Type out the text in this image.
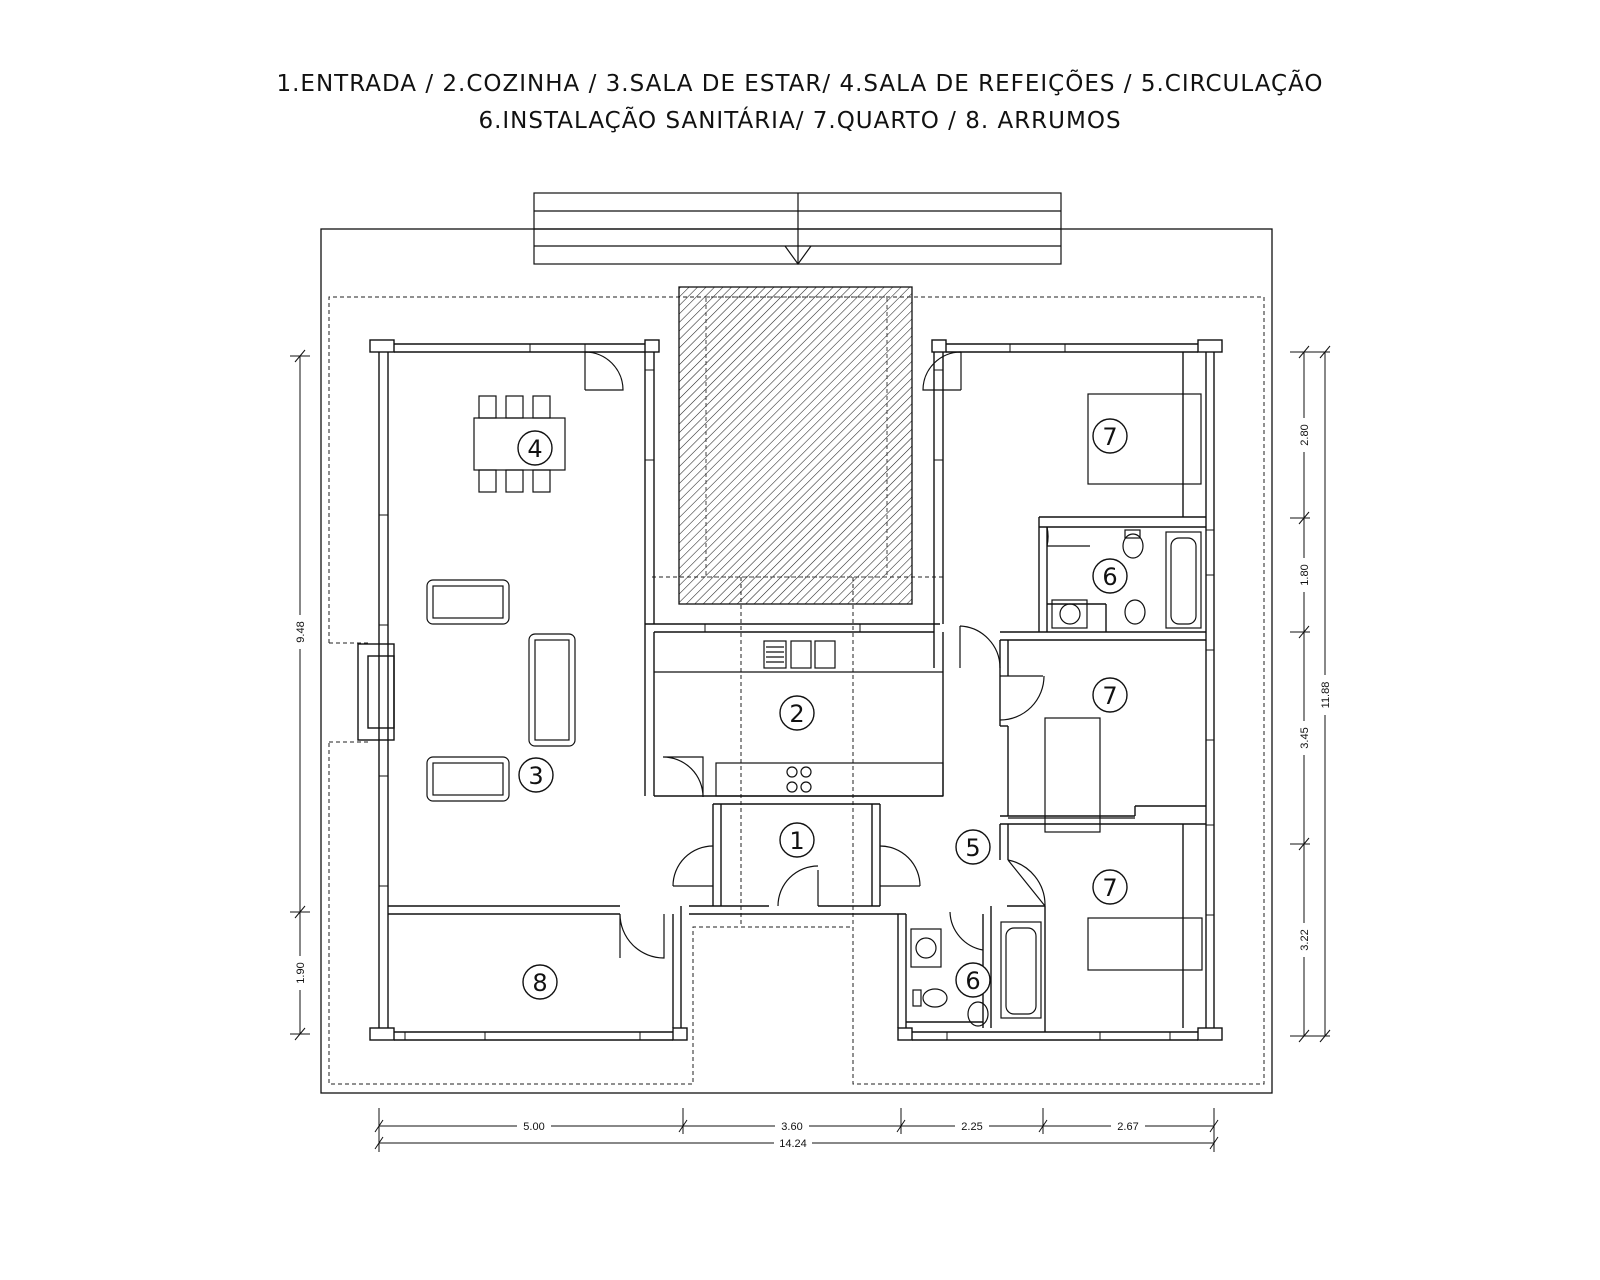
1.ENTRADA / 2.COZINHA / 3.SALA DE ESTAR/ 4.SALA DE REFEIÇÕES / 5.CIRCULAÇÃO
6.INSTALAÇÃO SANITÁRIA/ 7.QUARTO / 8. ARRUMOS
5.00	3.60	2.25	2.67
14.24
9.48
1.90
2.80
1.80
3.45
3.22
11.88
1
2
3
4
5
6
6
7
7
7
8
